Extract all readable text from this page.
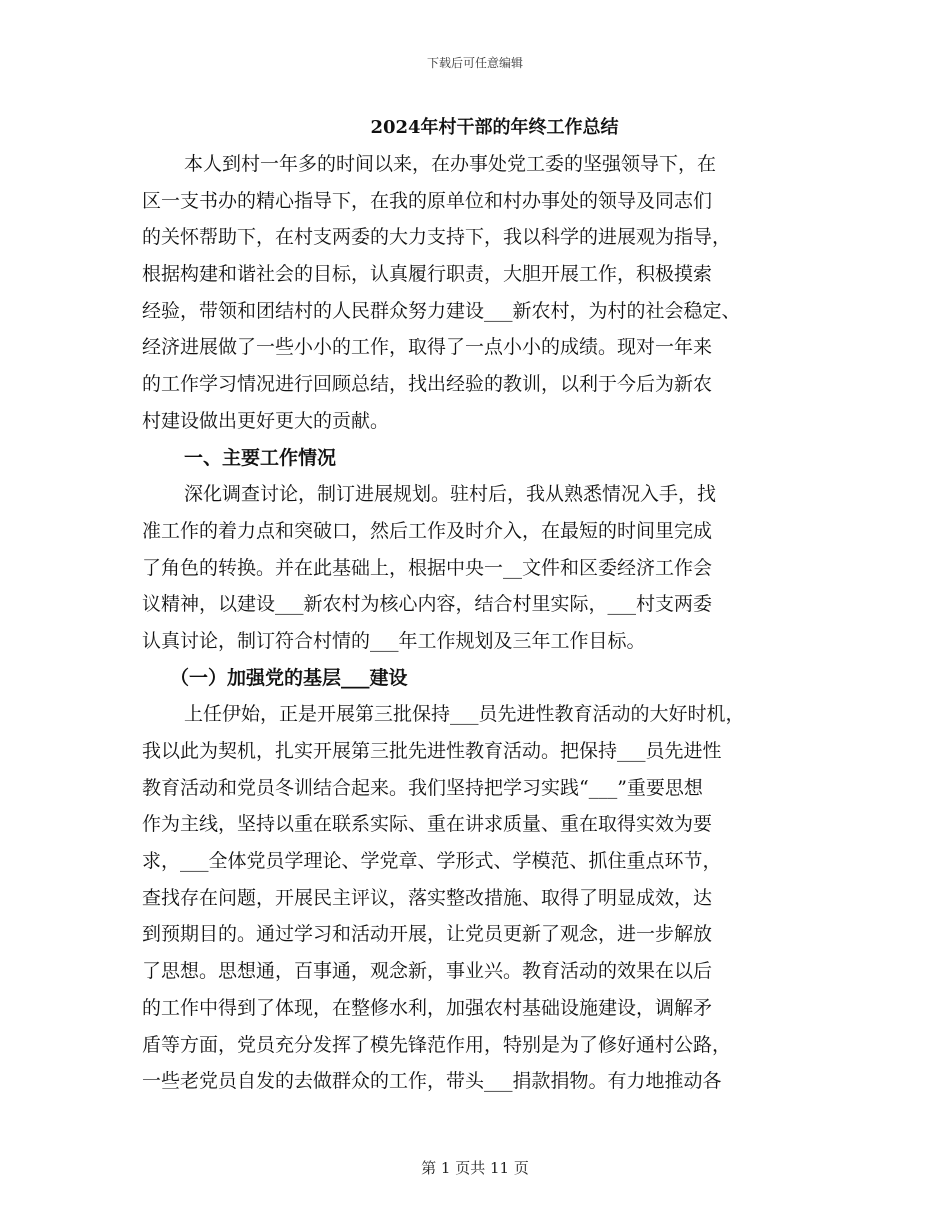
下载后可任意编辑
2024年村干部的年终工作总结
本人到村一年多的时间以来，在办事处党工委的坚强领导下，在
区一支书办的精心指导下，在我的原单位和村办事处的领导及同志们
的关怀帮助下，在村支两委的大力支持下，我以科学的进展观为指导，
根据构建和谐社会的目标，认真履行职责，大胆开展工作，积极摸索
经验，带领和团结村的人民群众努力建设___新农村，为村的社会稳定、
经济进展做了一些小小的工作，取得了一点小小的成绩。现对一年来
的工作学习情况进行回顾总结，找出经验的教训，以利于今后为新农
村建设做出更好更大的贡献。
一、主要工作情况
深化调查讨论，制订进展规划。驻村后，我从熟悉情况入手，找
准工作的着力点和突破口，然后工作及时介入，在最短的时间里完成
了角色的转换。并在此基础上，根据中央一__文件和区委经济工作会
议精神，以建设___新农村为核心内容，结合村里实际，___村支两委
认真讨论，制订符合村情的___年工作规划及三年工作目标。
（一）加强党的基层___建设
上任伊始，正是开展第三批保持___员先进性教育活动的大好时机，
我以此为契机，扎实开展第三批先进性教育活动。把保持___员先进性
教育活动和党员冬训结合起来。我们坚持把学习实践“___”重要思想
作为主线，坚持以重在联系实际、重在讲求质量、重在取得实效为要
求，___全体党员学理论、学党章、学形式、学模范、抓住重点环节，
查找存在问题，开展民主评议，落实整改措施、取得了明显成效，达
到预期目的。通过学习和活动开展，让党员更新了观念，进一步解放
了思想。思想通，百事通，观念新，事业兴。教育活动的效果在以后
的工作中得到了体现，在整修水利，加强农村基础设施建设，调解矛
盾等方面，党员充分发挥了模先锋范作用，特别是为了修好通村公路，
一些老党员自发的去做群众的工作，带头___捐款捐物。有力地推动各
第 1 页共 11 页
